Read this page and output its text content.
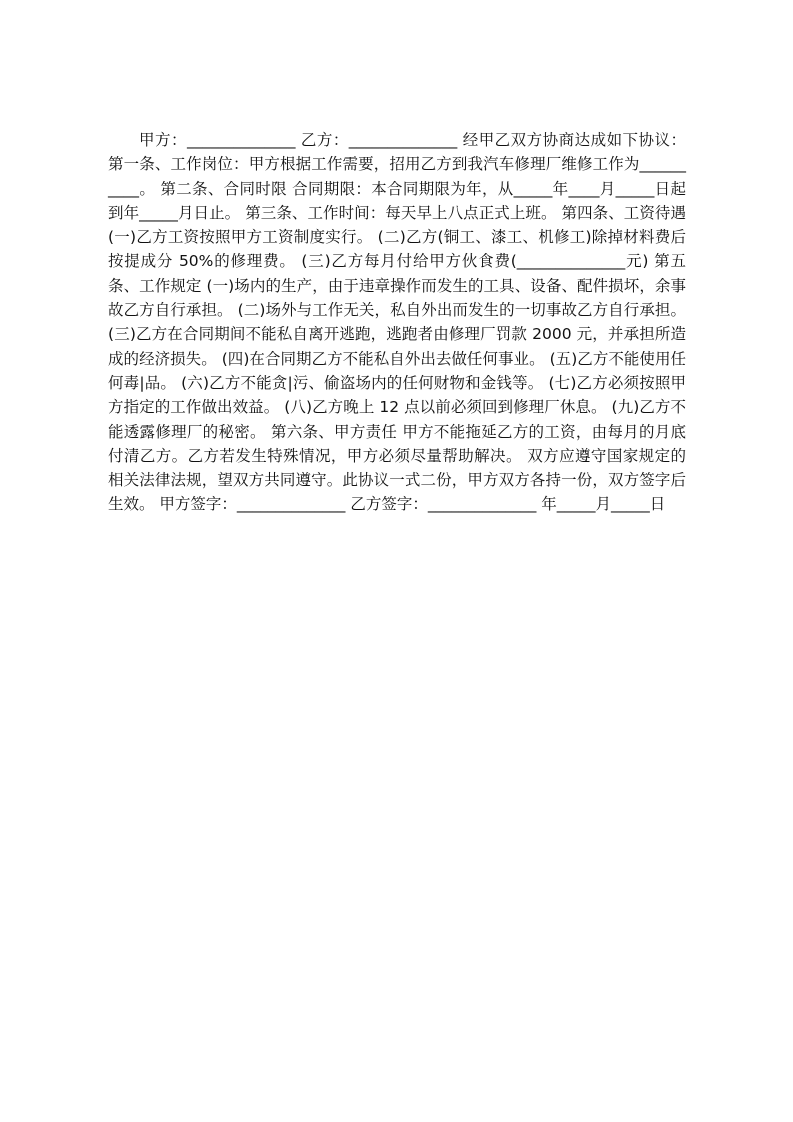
甲方：______________ 乙方：______________ 经甲乙双方协商达成如下协议：第一条、工作岗位：甲方根据工作需要，招用乙方到我汽车修理厂维修工作为__________。 第二条、合同时限 合同期限：本合同期限为年，从_____年____月_____日起到年_____月日止。 第三条、工作时间：每天早上八点正式上班。 第四条、工资待遇 (一)乙方工资按照甲方工资制度实行。 (二)乙方(铜工、漆工、机修工)除掉材料费后按提成分 50%的修理费。 (三)乙方每月付给甲方伙食费(______________元) 第五条、工作规定 (一)场内的生产，由于违章操作而发生的工具、设备、配件损坏，余事故乙方自行承担。 (二)场外与工作无关，私自外出而发生的一切事故乙方自行承担。 (三)乙方在合同期间不能私自离开逃跑，逃跑者由修理厂罚款 2000 元，并承担所造成的经济损失。 (四)在合同期乙方不能私自外出去做任何事业。 (五)乙方不能使用任何毒|品。 (六)乙方不能贪|污、偷盗场内的任何财物和金钱等。 (七)乙方必须按照甲方指定的工作做出效益。 (八)乙方晚上 12 点以前必须回到修理厂休息。 (九)乙方不能透露修理厂的秘密。 第六条、甲方责任 甲方不能拖延乙方的工资，由每月的月底付清乙方。乙方若发生特殊情况，甲方必须尽量帮助解决。 双方应遵守国家规定的相关法律法规，望双方共同遵守。此协议一式二份，甲方双方各持一份，双方签字后生效。 甲方签字：______________ 乙方签字：______________ 年_____月_____日
